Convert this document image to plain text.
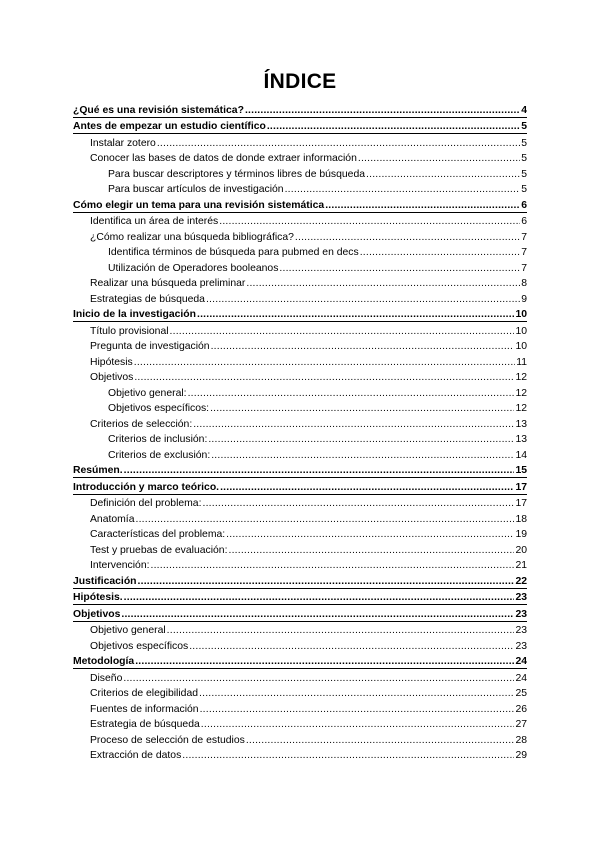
ÍNDICE
¿Qué es una revisión sistemática? .....	4
Antes de empezar un estudio científico .....	5
Instalar zotero .....	5
Conocer las bases de datos de donde extraer información .....	5
Para buscar descriptores y términos libres de búsqueda .....	5
Para buscar artículos de investigación .....	5
Cómo elegir un tema para una revisión sistemática .....	6
Identifica un área de interés .....	6
¿Cómo realizar una búsqueda bibliográfica? .....	7
Identifica términos de búsqueda para pubmed en decs .....	7
Utilización de Operadores booleanos .....	7
Realizar una búsqueda preliminar .....	8
Estrategias de búsqueda .....	9
Inicio de la investigación .....	10
Título provisional .....	10
Pregunta de investigación .....	10
Hipótesis .....	11
Objetivos .....	12
Objetivo general: .....	12
Objetivos específicos: .....	12
Criterios de selección: .....	13
Criterios de inclusión: .....	13
Criterios de exclusión: .....	14
Resúmen. .....	15
Introducción y marco teórico. .....	17
Definición del problema: .....	17
Anatomía .....	18
Características del problema: .....	19
Test y pruebas de evaluación: .....	20
Intervención: .....	21
Justificación .....	22
Hipótesis. .....	23
Objetivos .....	23
Objetivo general .....	23
Objetivos específicos .....	23
Metodología .....	24
Diseño .....	24
Criterios de elegibilidad .....	25
Fuentes de información .....	26
Estrategia de búsqueda .....	27
Proceso de selección de estudios .....	28
Extracción de datos .....	29
